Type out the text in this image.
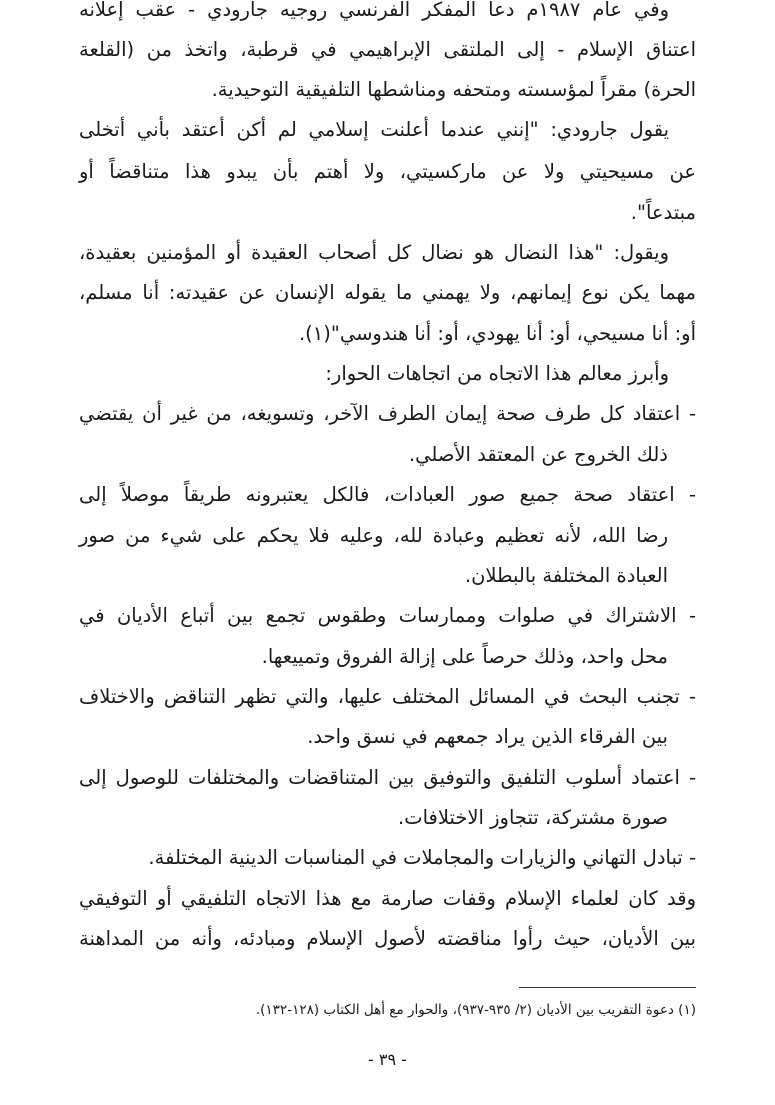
وفي عام ١٩٨٧م دعا المفكر الفرنسي روجيه جارودي - عقب إعلانه
اعتناق الإسلام - إلى الملتقى الإبراهيمي في قرطبة، واتخذ من (القلعة
الحرة) مقراً لمؤسسته ومتحفه ومناشطها التلفيقية التوحيدية.
يقول جارودي: "إنني عندما أعلنت إسلامي لم أكن أعتقد بأني أتخلى
عن مسيحيتي ولا عن ماركسيتي، ولا أهتم بأن يبدو هذا متناقضاً أو
مبتدعاً".
ويقول: "هذا النضال هو نضال كل أصحاب العقيدة أو المؤمنين بعقيدة،
مهما يكن نوع إيمانهم، ولا يهمني ما يقوله الإنسان عن عقيدته: أنا مسلم،
أو: أنا مسيحي، أو: أنا يهودي، أو: أنا هندوسي"(١).
وأبرز معالم هذا الاتجاه من اتجاهات الحوار:
- اعتقاد كل طرف صحة إيمان الطرف الآخر، وتسويغه، من غير أن يقتضي
ذلك الخروج عن المعتقد الأصلي.
- اعتقاد صحة جميع صور العبادات، فالكل يعتبرونه طريقاً موصلاً إلى
رضا الله، لأنه تعظيم وعبادة لله، وعليه فلا يحكم على شيء من صور
العبادة المختلفة بالبطلان.
- الاشتراك في صلوات وممارسات وطقوس تجمع بين أتباع الأديان في
محل واحد، وذلك حرصاً على إزالة الفروق وتمييعها.
- تجنب البحث في المسائل المختلف عليها، والتي تظهر التناقض والاختلاف
بين الفرقاء الذين يراد جمعهم في نسق واحد.
- اعتماد أسلوب التلفيق والتوفيق بين المتناقضات والمختلفات للوصول إلى
صورة مشتركة، تتجاوز الاختلافات.
- تبادل التهاني والزيارات والمجاملات في المناسبات الدينية المختلفة.
وقد كان لعلماء الإسلام وقفات صارمة مع هذا الاتجاه التلفيقي أو التوفيقي
بين الأديان، حيث رأوا مناقضته لأصول الإسلام ومبادئه، وأنه من المداهنة
(١) دعوة التقريب بين الأديان (٢/ ٩٣٥-٩٣٧)، والحوار مع أهل الكتاب (١٢٨-١٣٢).
- ٣٩ -
